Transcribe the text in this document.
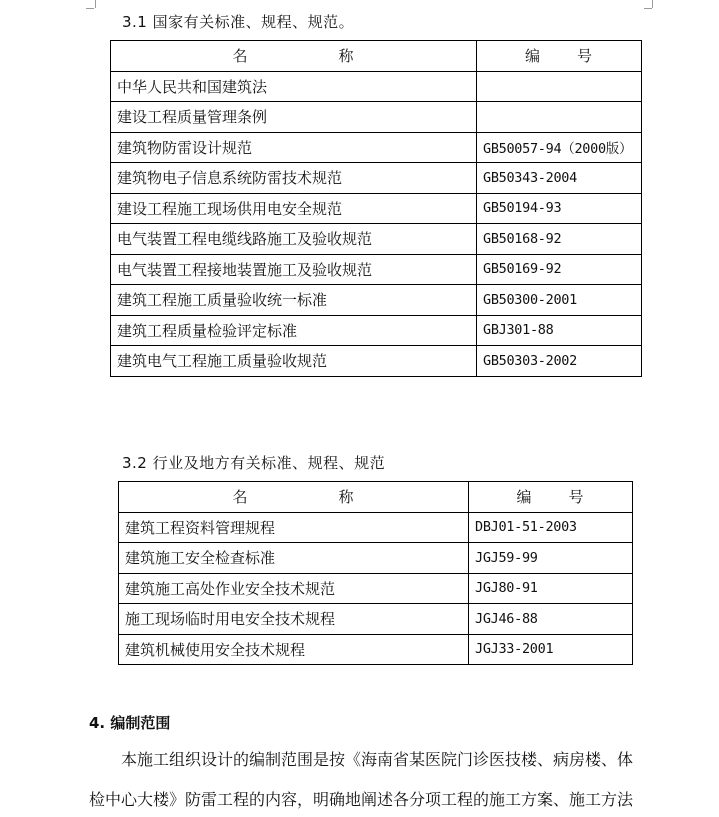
3.1 国家有关标准、规程、规范。
名 称	编 号
中华人民共和国建筑法	
建设工程质量管理条例	
建筑物防雷设计规范	GB50057-94（2000版）
建筑物电子信息系统防雷技术规范	GB50343-2004
建设工程施工现场供用电安全规范	GB50194-93
电气装置工程电缆线路施工及验收规范	GB50168-92
电气装置工程接地装置施工及验收规范	GB50169-92
建筑工程施工质量验收统一标准	GB50300-2001
建筑工程质量检验评定标准	GBJ301-88
建筑电气工程施工质量验收规范	GB50303-2002
3.2 行业及地方有关标准、规程、规范
名 称	编 号
建筑工程资料管理规程	DBJ01-51-2003
建筑施工安全检查标准	JGJ59-99
建筑施工高处作业安全技术规范	JGJ80-91
施工现场临时用电安全技术规程	JGJ46-88
建筑机械使用安全技术规程	JGJ33-2001
4. 编制范围
本施工组织设计的编制范围是按《海南省某医院门诊医技楼、病房楼、体
检中心大楼》防雷工程的内容，明确地阐述各分项工程的施工方案、施工方法
